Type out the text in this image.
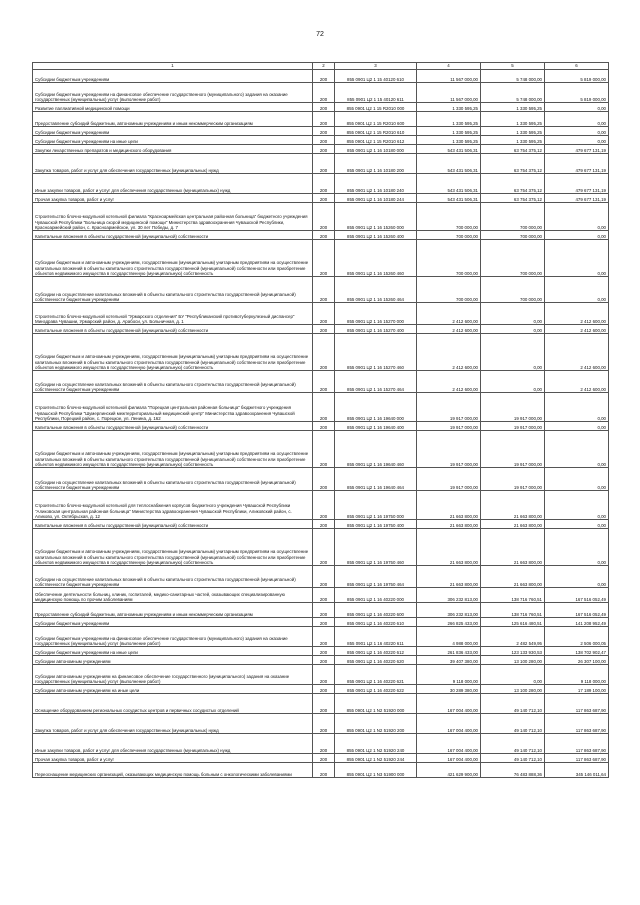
72
1	2	3	4	5	6
Субсидии бюджетным учреждениям	200	855 0901 Ц2 1 15 40120 610	11 567 000,00	5 748 000,00	5 819 000,00
Субсидии бюджетным учреждениям на финансовое обеспечение государственного (муниципального) задания на оказание государственных (муниципальных) услуг (выполнение работ)	200	855 0901 Ц2 1 15 40120 611	11 567 000,00	5 748 000,00	5 819 000,00
Развитие паллиативной медицинской помощи	200	855 0901 Ц2 1 15 R2010 000	1 330 595,25	1 330 595,25	0,00
Предоставление субсидий бюджетным, автономным учреждениям и иным некоммерческим организациям	200	855 0901 Ц2 1 15 R2010 600	1 330 595,25	1 330 595,25	0,00
Субсидии бюджетным учреждениям	200	855 0901 Ц2 1 15 R2010 610	1 330 595,25	1 330 595,25	0,00
Субсидии бюджетным учреждениям на иные цели	200	855 0901 Ц2 1 15 R2010 612	1 330 595,25	1 330 595,25	0,00
Закупки лекарственных препаратов и медицинского оборудования	200	855 0901 Ц2 1 16 10180 000	543 431 506,31	63 754 375,12	479 677 131,19
Закупка товаров, работ и услуг для обеспечения государственных (муниципальных) нужд	200	855 0901 Ц2 1 16 10180 200	543 431 506,31	63 754 375,12	479 677 131,19
Иные закупки товаров, работ и услуг для обеспечения государственных (муниципальных) нужд	200	855 0901 Ц2 1 16 10180 240	543 431 506,31	63 754 375,12	479 677 131,19
Прочая закупка товаров, работ и услуг	200	855 0901 Ц2 1 16 10180 244	543 431 506,31	63 754 375,12	479 677 131,19
Строительство блочно-модульной котельной филиала "Красноармейская центральная районная больница" бюджетного учреждения Чувашской Республики "Больница скорой медицинской помощи" Министерства здравоохранения Чувашской Республики, Красноармейский район, с. Красноармейское, ул. 30 лет Победы, д. 7	200	855 0901 Ц2 1 16 15260 000	700 000,00	700 000,00	0,00
Капитальные вложения в объекты государственной (муниципальной) собственности	200	855 0901 Ц2 1 16 15260 400	700 000,00	700 000,00	0,00
Субсидии бюджетным и автономным учреждениям, государственным (муниципальным) унитарным предприятиям на осуществление капитальных вложений в объекты капитального строительства государственной (муниципальной) собственности или приобретение объектов недвижимого имущества в государственную (муниципальную) собственность	200	855 0901 Ц2 1 16 15260 460	700 000,00	700 000,00	0,00
Субсидии на осуществление капитальных вложений в объекты капитального строительства государственной (муниципальной) собственности бюджетным учреждениям	200	855 0901 Ц2 1 16 15260 464	700 000,00	700 000,00	0,00
Строительство блочно-модульной котельной "Урмарского отделения" БУ "Республиканский противотуберкулезный диспансер" Минздрава Чувашии, Урмарский район, д. Арабоси, ул. Больничная, д. 1	200	855 0901 Ц2 1 16 15270 000	2 412 600,00	0,00	2 412 600,00
Капитальные вложения в объекты государственной (муниципальной) собственности	200	855 0901 Ц2 1 16 15270 400	2 412 600,00	0,00	2 412 600,00
Субсидии бюджетным и автономным учреждениям, государственным (муниципальным) унитарным предприятиям на осуществление капитальных вложений в объекты капитального строительства государственной (муниципальной) собственности или приобретение объектов недвижимого имущества в государственную (муниципальную) собственность	200	855 0901 Ц2 1 16 15270 460	2 412 600,00	0,00	2 412 600,00
Субсидии на осуществление капитальных вложений в объекты капитального строительства государственной (муниципальной) собственности бюджетным учреждениям	200	855 0901 Ц2 1 16 15270 464	2 412 600,00	0,00	2 412 600,00
Строительство блочно-модульной котельной филиала "Порецкая центральная районная больница" бюджетного учреждения Чувашской Республики "Шумерлинский межтерриториальный медицинский центр" Министерства здравоохранения Чувашской Республики, Порецкий район, с. Порецкое, ул. Ленина, д. 162	200	855 0901 Ц2 1 16 19640 000	19 917 000,00	19 917 000,00	0,00
Капитальные вложения в объекты государственной (муниципальной) собственности	200	855 0901 Ц2 1 16 19640 400	19 917 000,00	19 917 000,00	0,00
Субсидии бюджетным и автономным учреждениям, государственным (муниципальным) унитарным предприятиям на осуществление капитальных вложений в объекты капитального строительства государственной (муниципальной) собственности или приобретение объектов недвижимого имущества в государственную (муниципальную) собственность	200	855 0901 Ц2 1 16 19640 460	19 917 000,00	19 917 000,00	0,00
Субсидии на осуществление капитальных вложений в объекты капитального строительства государственной (муниципальной) собственности бюджетным учреждениям	200	855 0901 Ц2 1 16 19640 464	19 917 000,00	19 917 000,00	0,00
Строительство блочно-модульной котельной для теплоснабжения корпусов бюджетного учреждения Чувашской Республики "Аликовская центральная районная больница" Министерства здравоохранения Чувашской Республики, Аликовский район, с. Аликово, ул. Октябрьская, д. 12	200	855 0901 Ц2 1 16 19750 000	21 663 800,00	21 663 800,00	0,00
Капитальные вложения в объекты государственной (муниципальной) собственности	200	855 0901 Ц2 1 16 19750 400	21 663 800,00	21 663 800,00	0,00
Субсидии бюджетным и автономным учреждениям, государственным (муниципальным) унитарным предприятиям на осуществление капитальных вложений в объекты капитального строительства государственной (муниципальной) собственности или приобретение объектов недвижимого имущества в государственную (муниципальную) собственность	200	855 0901 Ц2 1 16 19750 460	21 663 800,00	21 663 800,00	0,00
Субсидии на осуществление капитальных вложений в объекты капитального строительства государственной (муниципальной) собственности бюджетным учреждениям	200	855 0901 Ц2 1 16 19750 464	21 663 800,00	21 663 800,00	0,00
Обеспечение деятельности больниц, клиник, госпиталей, медико-санитарных частей, оказывающих специализированную медицинскую помощь по прочим заболеваниям	200	855 0901 Ц2 1 16 40220 000	306 232 813,00	138 716 760,51	167 516 052,49
Предоставление субсидий бюджетным, автономным учреждениям и иным некоммерческим организациям	200	855 0901 Ц2 1 16 40220 600	306 232 813,00	138 716 760,51	167 516 052,49
Субсидии бюджетным учреждениям	200	855 0901 Ц2 1 16 40220 610	266 825 433,00	125 616 480,51	141 208 952,49
Субсидии бюджетным учреждениям на финансовое обеспечение государственного (муниципального) задания на оказание государственных (муниципальных) услуг (выполнение работ)	200	855 0901 Ц2 1 16 40220 611	4 988 000,00	2 482 549,95	2 506 000,05
Субсидии бюджетным учреждениям на иные цели	200	855 0901 Ц2 1 16 40220 612	261 836 433,00	123 133 930,53	138 702 902,47
Субсидии автономным учреждениям	200	855 0901 Ц2 1 16 40220 620	39 407 380,00	13 100 280,00	26 307 100,00
Субсидии автономным учреждениям на финансовое обеспечение государственного (муниципального) задания на оказание государственных (муниципальных) услуг (выполнение работ)	200	855 0901 Ц2 1 16 40220 621	9 118 000,00	0,00	9 118 000,00
Субсидии автономным учреждениям на иные цели	200	855 0901 Ц2 1 16 40220 622	30 289 380,00	13 100 280,00	17 189 100,00
Оснащение оборудованием региональных сосудистых центров и первичных сосудистых отделений	200	855 0901 Ц2 1 N2 51920 000	167 004 400,00	49 140 712,10	117 863 687,90
Закупка товаров, работ и услуг для обеспечения государственных (муниципальных) нужд	200	855 0901 Ц2 1 N2 51920 200	167 004 400,00	49 140 712,10	117 863 687,90
Иные закупки товаров, работ и услуг для обеспечения государственных (муниципальных) нужд	200	855 0901 Ц2 1 N2 51920 240	167 004 400,00	49 140 712,10	117 863 687,90
Прочая закупка товаров, работ и услуг	200	855 0901 Ц2 1 N2 51920 244	167 004 400,00	49 140 712,10	117 863 687,90
Переоснащение медицинских организаций, оказывающих медицинскую помощь больным с онкологическими заболеваниями	200	855 0901 Ц2 1 N3 51900 000	421 629 900,00	76 483 888,36	345 146 011,64
